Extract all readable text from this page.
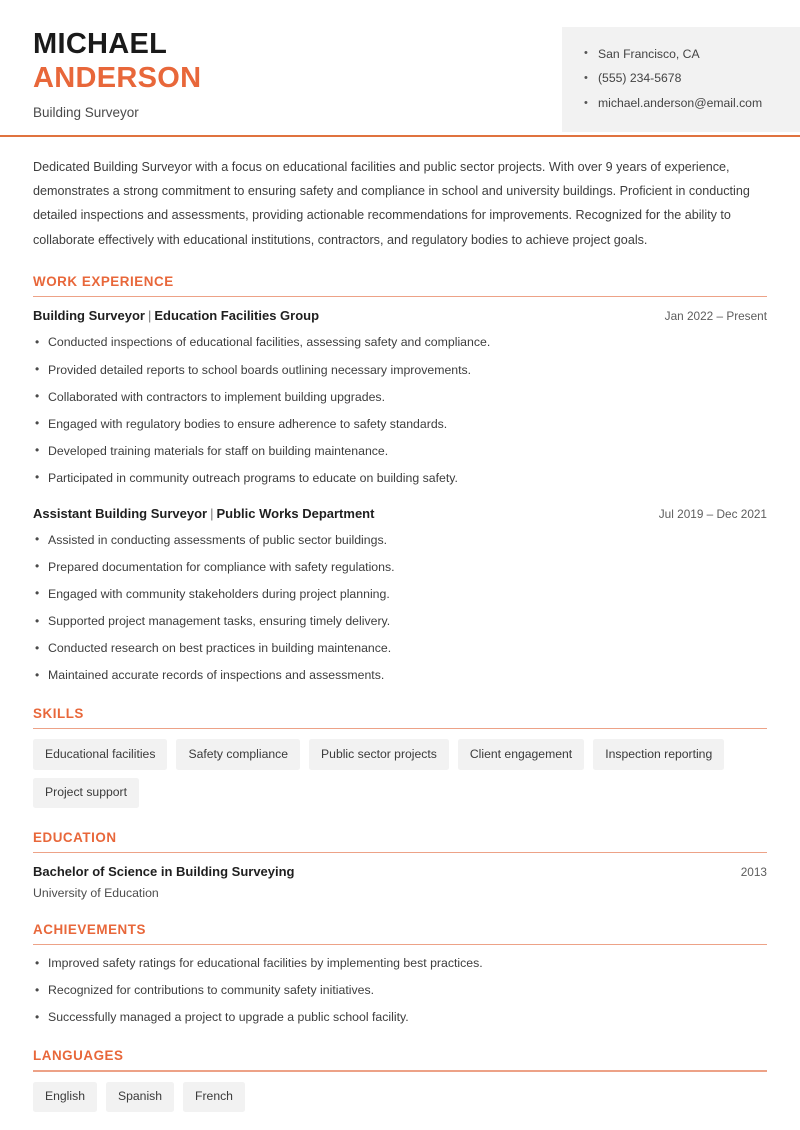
MICHAEL
ANDERSON
Building Surveyor
• San Francisco, CA
• (555) 234-5678
• michael.anderson@email.com

Dedicated Building Surveyor with a focus on educational facilities and public sector projects. With over 9 years of experience, demonstrates a strong commitment to ensuring safety and compliance in school and university buildings. Proficient in conducting detailed inspections and assessments, providing actionable recommendations for improvements. Recognized for the ability to collaborate effectively with educational institutions, contractors, and regulatory bodies to achieve project goals.

WORK EXPERIENCE
Building Surveyor | Education Facilities Group	Jan 2022 – Present
• Conducted inspections of educational facilities, assessing safety and compliance.
• Provided detailed reports to school boards outlining necessary improvements.
• Collaborated with contractors to implement building upgrades.
• Engaged with regulatory bodies to ensure adherence to safety standards.
• Developed training materials for staff on building maintenance.
• Participated in community outreach programs to educate on building safety.
Assistant Building Surveyor | Public Works Department	Jul 2019 – Dec 2021
• Assisted in conducting assessments of public sector buildings.
• Prepared documentation for compliance with safety regulations.
• Engaged with community stakeholders during project planning.
• Supported project management tasks, ensuring timely delivery.
• Conducted research on best practices in building maintenance.
• Maintained accurate records of inspections and assessments.
SKILLS
Educational facilities	Safety compliance	Public sector projects	Client engagement	Inspection reporting
Project support
EDUCATION
Bachelor of Science in Building Surveying	2013
University of Education
ACHIEVEMENTS
• Improved safety ratings for educational facilities by implementing best practices.
• Recognized for contributions to community safety initiatives.
• Successfully managed a project to upgrade a public school facility.
LANGUAGES
English	Spanish	French
